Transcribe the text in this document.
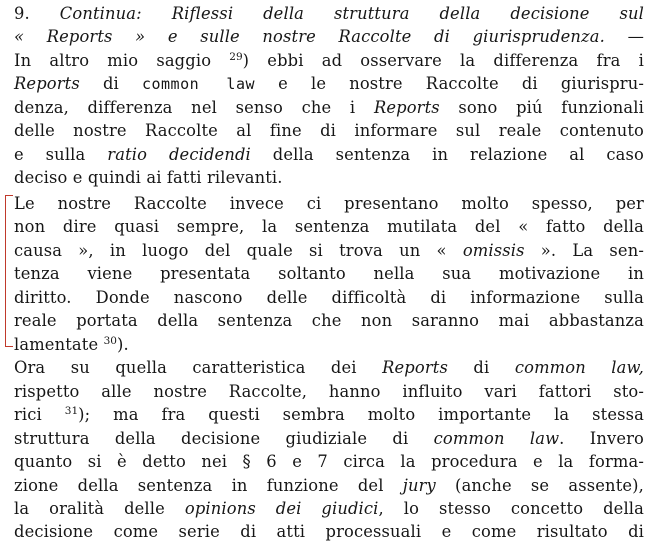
9. Continua: Riflessi della struttura della decisione sul
« Reports » e sulle nostre Raccolte di giurisprudenza. —
In altro mio saggio $^{29}$) ebbi ad osservare la differenza fra i
Reports di common law e le nostre Raccolte di giurispru-
denza, differenza nel senso che i Reports sono piú funzionali
delle nostre Raccolte al fine di informare sul reale contenuto
e sulla ratio decidendi della sentenza in relazione al caso
deciso e quindi ai fatti rilevanti.
Le nostre Raccolte invece ci presentano molto spesso, per
non dire quasi sempre, la sentenza mutilata del « fatto della
causa », in luogo del quale si trova un « omissis ». La sen-
tenza viene presentata soltanto nella sua motivazione in
diritto. Donde nascono delle difficoltà di informazione sulla
reale portata della sentenza che non saranno mai abbastanza
lamentate $^{30}$).
Ora su quella caratteristica dei Reports di common law,
rispetto alle nostre Raccolte, hanno influito vari fattori sto-
rici $^{31}$); ma fra questi sembra molto importante la stessa
struttura della decisione giudiziale di common law. Invero
quanto si è detto nei § 6 e 7 circa la procedura e la forma-
zione della sentenza in funzione del jury (anche se assente),
la oralità delle opinions dei giudici, lo stesso concetto della
decisione come serie di atti processuali e come risultato di
